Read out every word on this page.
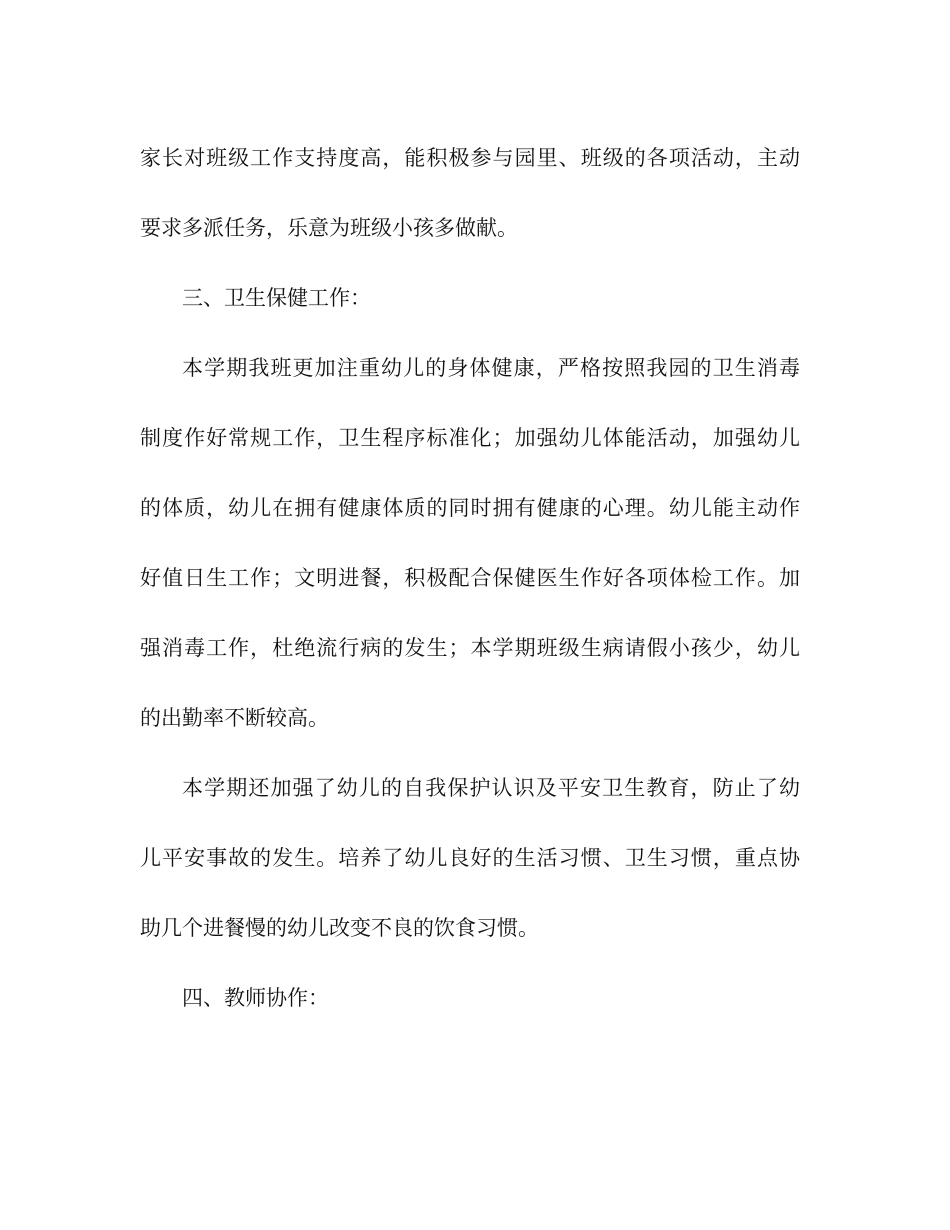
家长对班级工作支持度高，能积极参与园里、班级的各项活动，主动
要求多派任务，乐意为班级小孩多做献。
三、卫生保健工作：
本学期我班更加注重幼儿的身体健康，严格按照我园的卫生消毒
制度作好常规工作，卫生程序标准化；加强幼儿体能活动，加强幼儿
的体质，幼儿在拥有健康体质的同时拥有健康的心理。幼儿能主动作
好值日生工作；文明进餐，积极配合保健医生作好各项体检工作。加
强消毒工作，杜绝流行病的发生；本学期班级生病请假小孩少，幼儿
的出勤率不断较高。
本学期还加强了幼儿的自我保护认识及平安卫生教育，防止了幼
儿平安事故的发生。培养了幼儿良好的生活习惯、卫生习惯，重点协
助几个进餐慢的幼儿改变不良的饮食习惯。
四、教师协作：
